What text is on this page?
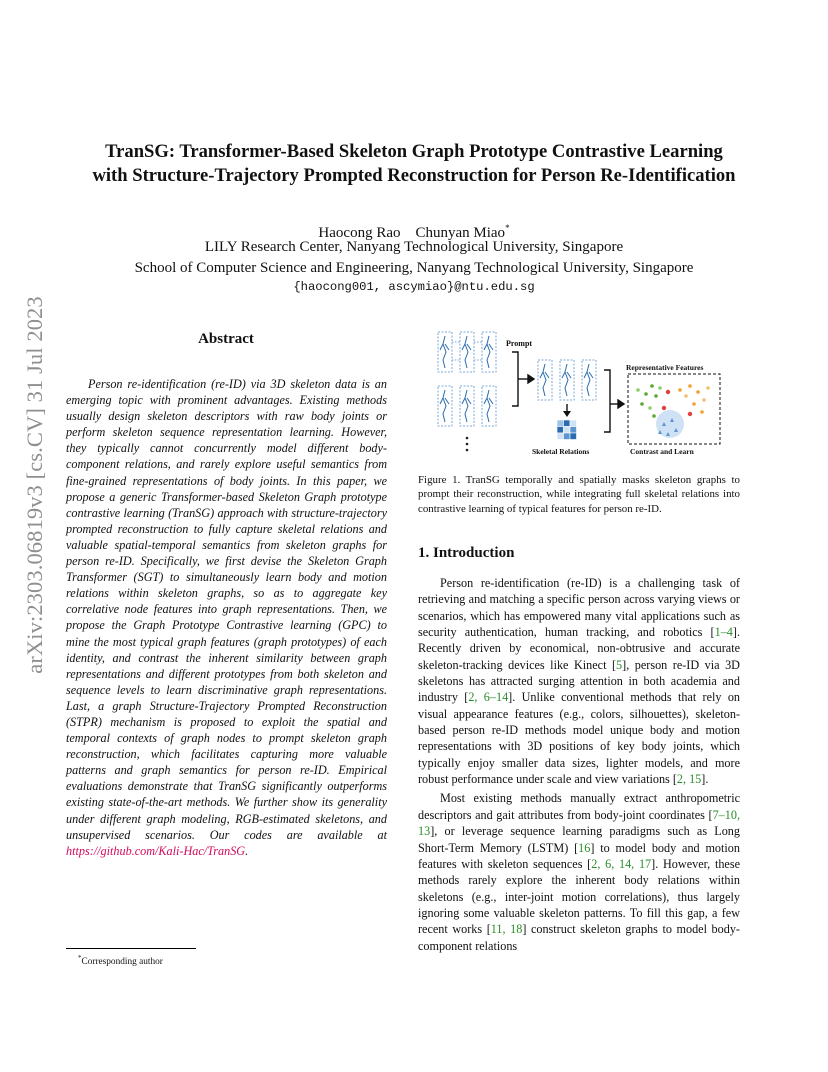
arXiv:2303.06819v3 [cs.CV] 31 Jul 2023
TranSG: Transformer-Based Skeleton Graph Prototype Contrastive Learning
with Structure-Trajectory Prompted Reconstruction for Person Re-Identification
Haocong Rao Chunyan Miao*
LILY Research Center, Nanyang Technological University, Singapore
School of Computer Science and Engineering, Nanyang Technological University, Singapore
{haocong001, ascymiao}@ntu.edu.sg
Abstract
Person re-identification (re-ID) via 3D skeleton data is an emerging topic with prominent advantages. Existing methods usually design skeleton descriptors with raw body joints or perform skeleton sequence representation learning. However, they typically cannot concurrently model different body-component relations, and rarely explore useful semantics from fine-grained representations of body joints. In this paper, we propose a generic Transformer-based Skeleton Graph prototype contrastive learning (TranSG) approach with structure-trajectory prompted reconstruction to fully capture skeletal relations and valuable spatial-temporal semantics from skeleton graphs for person re-ID. Specifically, we first devise the Skeleton Graph Transformer (SGT) to simultaneously learn body and motion relations within skeleton graphs, so as to aggregate key correlative node features into graph representations. Then, we propose the Graph Prototype Contrastive learning (GPC) to mine the most typical graph features (graph prototypes) of each identity, and contrast the inherent similarity between graph representations and different prototypes from both skeleton and sequence levels to learn discriminative graph representations. Last, a graph Structure-Trajectory Prompted Reconstruction (STPR) mechanism is proposed to exploit the spatial and temporal contexts of graph nodes to prompt skeleton graph reconstruction, which facilitates capturing more valuable patterns and graph semantics for person re-ID. Empirical evaluations demonstrate that TranSG significantly outperforms existing state-of-the-art methods. We further show its generality under different graph modeling, RGB-estimated skeletons, and unsupervised scenarios. Our codes are available at https://github.com/Kali-Hac/TranSG.
*Corresponding author
Prompt
Skeletal Relations
Representative Features
Contrast and Learn
Figure 1. TranSG temporally and spatially masks skeleton graphs to prompt their reconstruction, while integrating full skeletal relations into contrastive learning of typical features for person re-ID.
1. Introduction

Person re-identification (re-ID) is a challenging task of retrieving and matching a specific person across varying views or scenarios, which has empowered many vital applications such as security authentication, human tracking, and robotics [1–4]. Recently driven by economical, non-obtrusive and accurate skeleton-tracking devices like Kinect [5], person re-ID via 3D skeletons has attracted surging attention in both academia and industry [2, 6–14]. Unlike conventional methods that rely on visual appearance features (e.g., colors, silhouettes), skeleton-based person re-ID methods model unique body and motion representations with 3D positions of key body joints, which typically enjoy smaller data sizes, lighter models, and more robust performance under scale and view variations [2, 15].

Most existing methods manually extract anthropometric descriptors and gait attributes from body-joint coordinates [7–10, 13], or leverage sequence learning paradigms such as Long Short-Term Memory (LSTM) [16] to model body and motion features with skeleton sequences [2, 6, 14, 17]. However, these methods rarely explore the inherent body relations within skeletons (e.g., inter-joint motion correlations), thus largely ignoring some valuable skeleton patterns. To fill this gap, a few recent works [11, 18] construct skeleton graphs to model body-component relations
